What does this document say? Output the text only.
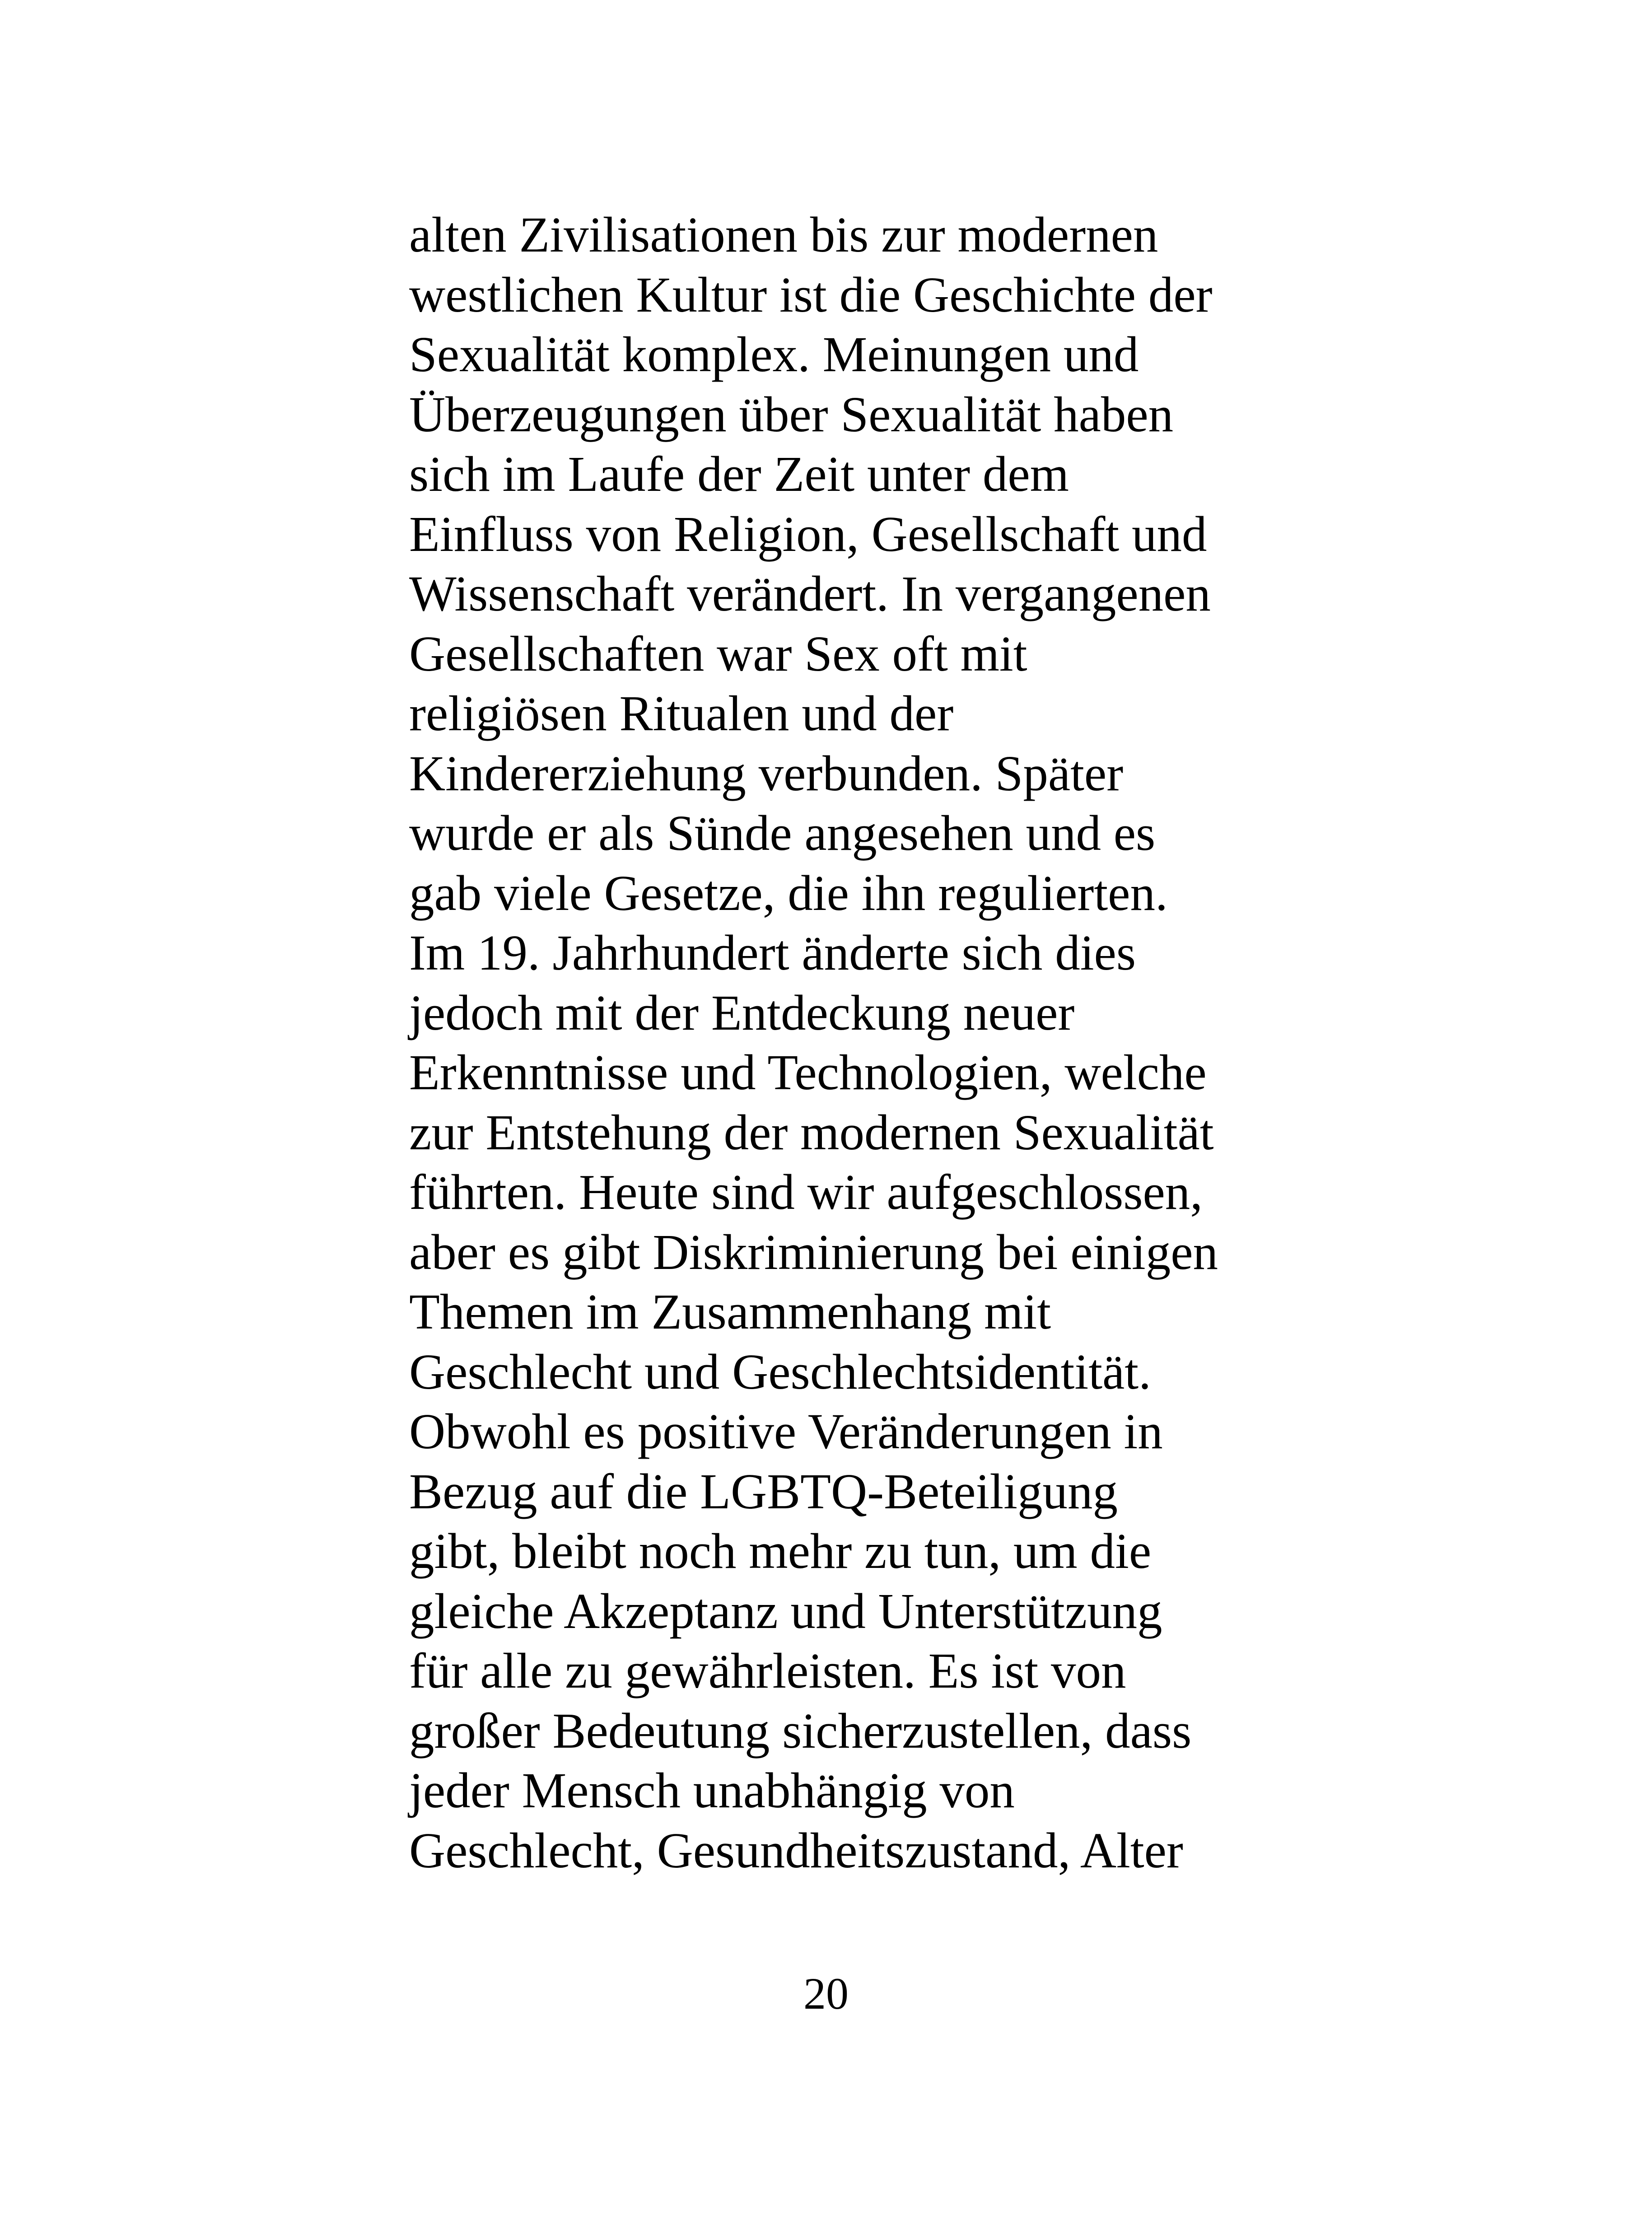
alten Zivilisationen bis zur modernen
westlichen Kultur ist die Geschichte der
Sexualität komplex. Meinungen und
Überzeugungen über Sexualität haben
sich im Laufe der Zeit unter dem
Einfluss von Religion, Gesellschaft und
Wissenschaft verändert. In vergangenen
Gesellschaften war Sex oft mit
religiösen Ritualen und der
Kindererziehung verbunden. Später
wurde er als Sünde angesehen und es
gab viele Gesetze, die ihn regulierten.
Im 19. Jahrhundert änderte sich dies
jedoch mit der Entdeckung neuer
Erkenntnisse und Technologien, welche
zur Entstehung der modernen Sexualität
führten. Heute sind wir aufgeschlossen,
aber es gibt Diskriminierung bei einigen
Themen im Zusammenhang mit
Geschlecht und Geschlechtsidentität.
Obwohl es positive Veränderungen in
Bezug auf die LGBTQ-Beteiligung
gibt, bleibt noch mehr zu tun, um die
gleiche Akzeptanz und Unterstützung
für alle zu gewährleisten. Es ist von
großer Bedeutung sicherzustellen, dass
jeder Mensch unabhängig von
Geschlecht, Gesundheitszustand, Alter

20
